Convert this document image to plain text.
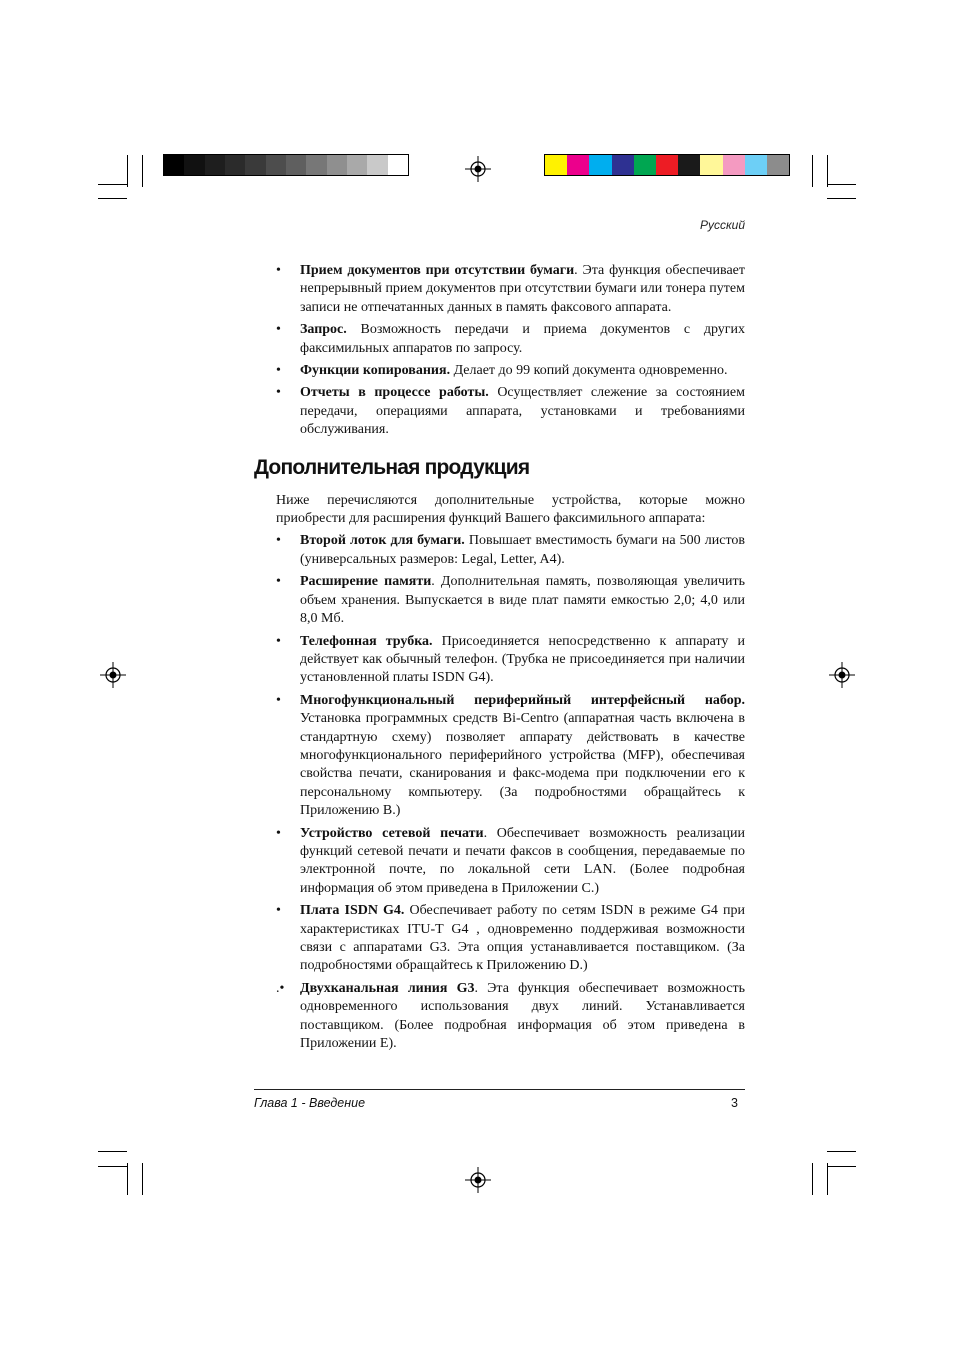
Русский
• Прием документов при отсутствии бумаги. Эта функция обеспечивает непрерывный прием документов при отсутствии бумаги или тонера путем записи не отпечатанных данных в память факсового аппарата.
• Запрос. Возможность передачи и приема документов с других факсимильных аппаратов по запросу.
• Функции копирования. Делает до 99 копий документа одновременно.
• Отчеты в процессе работы. Осуществляет слежение за состоянием передачи, операциями аппарата, установками и требованиями обслуживания.
Дополнительная продукция

Ниже перечисляются дополнительные устройства, которые можно приобрести для расширения функций Вашего факсимильного аппарата:

• Второй лоток для бумаги. Повышает вместимость бумаги на 500 листов (универсальных размеров: Legal, Letter, A4).
• Расширение памяти. Дополнительная память, позволяющая увеличить объем хранения. Выпускается в виде плат памяти емкостью 2,0; 4,0 или 8,0 Мб.
• Телефонная трубка. Присоединяется непосредственно к аппарату и действует как обычный телефон. (Трубка не присоединяется при наличии установленной платы ISDN G4).
• Многофункциональный периферийный интерфейсный набор. Установка программных средств Bi-Centro (аппаратная часть включена в стандартную схему) позволяет аппарату действовать в качестве многофункционального периферийного устройства (MFP), обеспечивая свойства печати, сканирования и факс-модема при подключении его к персональному компьютеру. (За подробностями обращайтесь к Приложению B.)
• Устройство сетевой печати. Обеспечивает возможность реализации функций сетевой печати и печати факсов в сообщения, передаваемые по электронной почте, по локальной сети LAN. (Более подробная информация об этом приведена в Приложении C.)
• Плата ISDN G4. Обеспечивает работу по сетям ISDN в режиме G4 при характеристиках ITU-T G4 , одновременно поддерживая возможности связи с аппаратами G3. Эта опция устанавливается поставщиком. (За подробностями обращайтесь к Приложению D.)
.• Двухканальная линия G3. Эта функция обеспечивает возможность одновременного использования двух линий. Устанавливается поставщиком. (Более подробная информация об этом приведена в Приложении E).
Глава 1 - Введение	3
